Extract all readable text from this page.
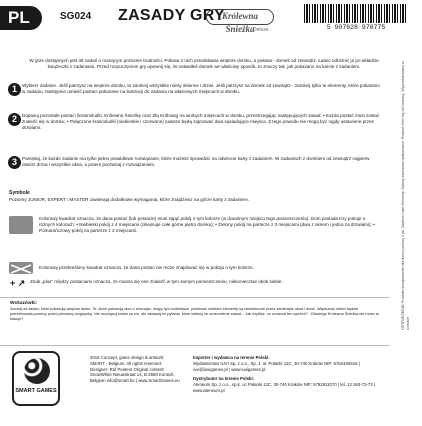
PL	SG024 ZASADY GRY
Królewna Śnieżka
Deluxe	5 907628 970775
W grze dostępnych jest 48 zadań o rosnącym poziomie trudności. Połowa z nich przedstawia wnętrze domku, a połowa - domek od zewnątrz. Łatwo odróżnić je po układzie książeczki z zadaniami. Przed rozpoczęciem gry upewnij się, że ustawiłeś domek we właściwy sposób, to znaczy tak, jak pokazano na karcie z zadaniem.
1	Wybierz zadanie. Jeśli patrzysz na wnętrze domku, to zamknij wszystkie rolety okienne i drzwi. Jeśli patrzysz na domek od zewnątrz - zamknij tylko te elementy, które pokazano w zadaniu. Następnie umieść postaci pokazane na ilustracji do zadania na właściwych miejscach w domku.
2	Dopasuj pozostałe postaci (krasnoludki, Królewnę Śnieżkę oraz Złą Królową) na wolnych miejscach w domku, przestrzegając następujących zasad: • Każda postać musi zostać znaleźć się w domku; • Połączone krasnoludki (niebieskie i czerwone) zawsze będą zajmować dwa sąsiadujące miejsca. Z tego powodu nie mogą być nigdy ustawione przez drzwiami.
3	Pamiętaj, że każde zadanie ma tylko jedno prawidłowe rozwiązanie, które możesz sprawdzić na odwrocie karty z zadaniem. W zadaniach z domkiem od zewnątrz najpierw otwórz drzwi i wszystkie okna, a potem porównaj z rozwiązaniem.
Symbole
Poziomy JUNIOR, EXPERT i MASTER zawierają dodatkowe wymagania, które znajdziesz na górze karty z zadaniem.
Kolorowy kwadrat oznacza, że dana postać (lub postacie) musi zająć pokój o tym kolorze (w dowolnym miejscu tego pomieszczenia). Dom posiada trzy pokoje o różnych kolorach: • Niebieski pokój z 4 miejscami (obejmuje całe górne piętro domku); • Zielony pokój na parterze z 3 miejscami (dwa z oknem i jedno za drzwiami); • Pomarańczowy pokój na parterze z 3 miejscami.
Kolorowy przekreślony kwadrat oznacza, że dana postać nie może znajdować się w pokoju o tym kolorze.
+ ↗ Znak „plus” między postaciami oznacza, że musza się one znaleźć w tym samym pomieszczeniu, niekoniecznie obok siebie.
Wskazówki:
Zacznij od zadań, które pokazują wnętrze domu. Te, które pokazują dom z zewnątrz, mogą być trudniejsze, ponieważ niektóre elementy są niewidoczne przez zamknięte okna i drzwi. Większość dzieci będzie potrzebowała pomocy przed pierwszą rozgrywką. Nie rozwiązuj zadań za nie, ale zadawaj im pytania, które ułatwią im zrozumienie zasad: - Jak myślisz, co oznacza ten symbol? - Dlaczego Królewna Śnieżka nie może tu stanąć?
SMART GAMES
2016 Concept, game design & artwork: SMART - Belgium. All rights reserved. Designer: Raf Peeters Original content: SnowWhite Nieuwstraat 14, B-2550 Kontich, Belgium info@smart.be | www.SmartGames.eu
Importer i wydawca na terenie Polski:
Wydawnictwo IUVI Sp. z o.o., Sp. J. ul. Połanki 12C, 30-740 Kraków NIP: 6762465516 | iuvi@iuvigames.pl | www.iuvigames.pl
Dystrybutor na terenie Polski:
Ateneum Sp. z o.o., sp.k. ul. Połanki 12C, 30-740 Kraków NIP: 6792811070 | tel. 12 263-73-73 | www.ateneum.pl
OSTRZEŻENIE! Produkt nieodpowiedni dla dzieci poniżej 3 lat. Zawiera małe elementy. Należy zachować opakowanie. Produkt różni się od ilustracji. Wyprodukowano w Chinach.
